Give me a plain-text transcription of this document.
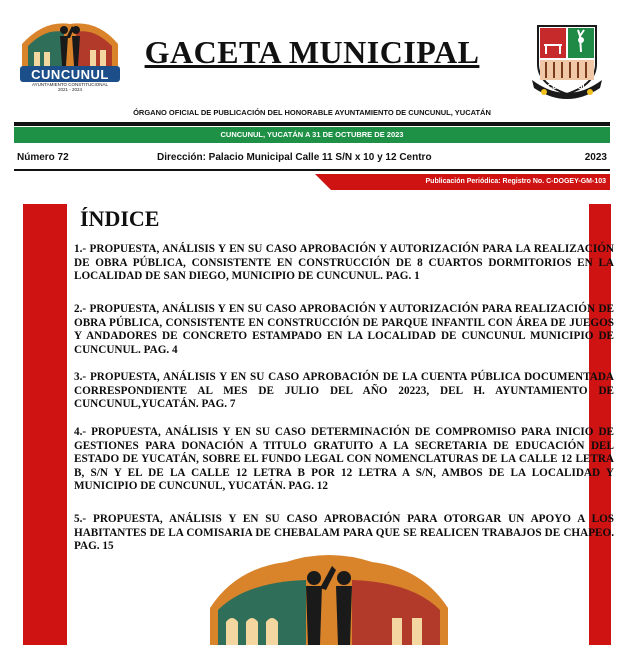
CUNCUNUL
AYUNTAMIENTO CONSTITUCIONAL
2021 - 2024
GACETA MUNICIPAL
CUNCUNUL
ÓRGANO OFICIAL DE PUBLICACIÓN DEL HONORABLE AYUNTAMIENTO DE CUNCUNUL, YUCATÁN
CUNCUNUL, YUCATÁN A 31 DE OCTUBRE DE 2023
Número 72	Dirección: Palacio Municipal Calle 11 S/N x 10 y 12 Centro	2023
Publicación Periódica: Registro No. C-DOGEY-GM-103
ÍNDICE
1.- PROPUESTA, ANÁLISIS Y EN SU CASO APROBACIÓN Y AUTORIZACIÓN PARA LA REALIZACIÓN DE OBRA PÚBLICA, CONSISTENTE EN CONSTRUCCIÓN DE 8 CUARTOS DORMITORIOS EN LA LOCALIDAD DE SAN DIEGO, MUNICIPIO DE CUNCUNUL. PAG. 1
2.- PROPUESTA, ANÁLISIS Y EN SU CASO APROBACIÓN Y AUTORIZACIÓN PARA REALIZACIÓN DE OBRA PÚBLICA, CONSISTENTE EN CONSTRUCCIÓN DE PARQUE INFANTIL CON ÁREA DE JUEGOS Y ANDADORES DE CONCRETO ESTAMPADO EN LA LOCALIDAD DE CUNCUNUL MUNICIPIO DE CUNCUNUL. PAG. 4
3.- PROPUESTA, ANÁLISIS Y EN SU CASO APROBACIÓN DE LA CUENTA PÚBLICA DOCUMENTADA CORRESPONDIENTE AL MES DE JULIO DEL AÑO 20223, DEL H. AYUNTAMIENTO DE CUNCUNUL,YUCATÁN. PAG. 7
4.- PROPUESTA, ANÁLISIS Y EN SU CASO DETERMINACIÓN DE COMPROMISO PARA INICIO DE GESTIONES PARA DONACIÓN A TITULO GRATUITO A LA SECRETARIA DE EDUCACIÓN DEL ESTADO DE YUCATÁN, SOBRE EL FUNDO LEGAL CON NOMENCLATURAS DE LA CALLE 12 LETRA B, S/N Y EL DE LA CALLE 12 LETRA B POR 12 LETRA A S/N, AMBOS DE LA LOCALIDAD Y MUNICIPIO DE CUNCUNUL, YUCATÁN. PAG. 12
5.- PROPUESTA, ANÁLISIS Y EN SU CASO APROBACIÓN PARA OTORGAR UN APOYO A LOS HABITANTES DE LA COMISARIA DE CHEBALAM PARA QUE SE REALICEN TRABAJOS DE CHAPEO. PAG. 15
